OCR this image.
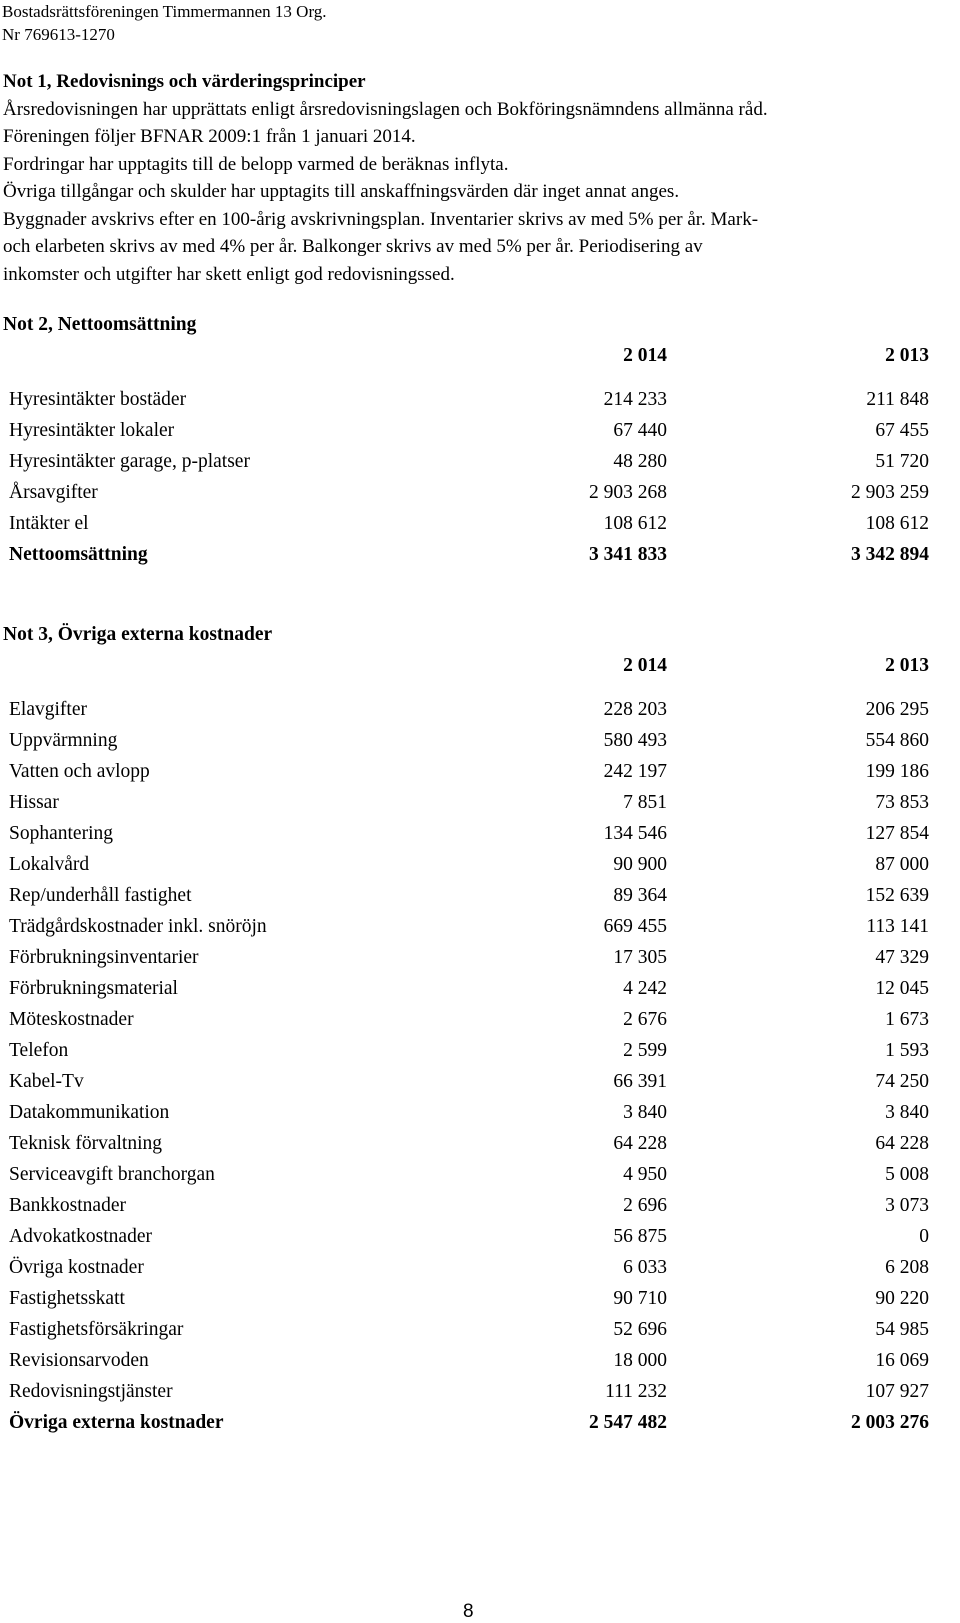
Bostadsrättsföreningen Timmermannen 13 Org.
Nr 769613-1270
Not 1, Redovisnings och värderingsprinciper
Årsredovisningen har upprättats enligt årsredovisningslagen och Bokföringsnämndens allmänna råd.
Föreningen följer BFNAR 2009:1 från 1 januari 2014.
Fordringar har upptagits till de belopp varmed de beräknas inflyta.
Övriga tillgångar och skulder har upptagits till anskaffningsvärden där inget annat anges.
Byggnader avskrivs efter en 100-årig avskrivningsplan. Inventarier skrivs av med 5% per år. Mark-
och elarbeten skrivs av med 4% per år. Balkonger skrivs av med 5% per år. Periodisering av
inkomster och utgifter har skett enligt god redovisningssed.
Not 2, Nettoomsättning
2 014	2 013
Hyresintäkter bostäder	214 233	211 848
Hyresintäkter lokaler	67 440	67 455
Hyresintäkter garage, p-platser	48 280	51 720
Årsavgifter	2 903 268	2 903 259
Intäkter el	108 612	108 612
Nettoomsättning	3 341 833	3 342 894
Not 3, Övriga externa kostnader
2 014	2 013
Elavgifter	228 203	206 295
Uppvärmning	580 493	554 860
Vatten och avlopp	242 197	199 186
Hissar	7 851	73 853
Sophantering	134 546	127 854
Lokalvård	90 900	87 000
Rep/underhåll fastighet	89 364	152 639
Trädgårdskostnader inkl. snöröjn	669 455	113 141
Förbrukningsinventarier	17 305	47 329
Förbrukningsmaterial	4 242	12 045
Möteskostnader	2 676	1 673
Telefon	2 599	1 593
Kabel-Tv	66 391	74 250
Datakommunikation	3 840	3 840
Teknisk förvaltning	64 228	64 228
Serviceavgift branchorgan	4 950	5 008
Bankkostnader	2 696	3 073
Advokatkostnader	56 875	0
Övriga kostnader	6 033	6 208
Fastighetsskatt	90 710	90 220
Fastighetsförsäkringar	52 696	54 985
Revisionsarvoden	18 000	16 069
Redovisningstjänster	111 232	107 927
Övriga externa kostnader	2 547 482	2 003 276
8
